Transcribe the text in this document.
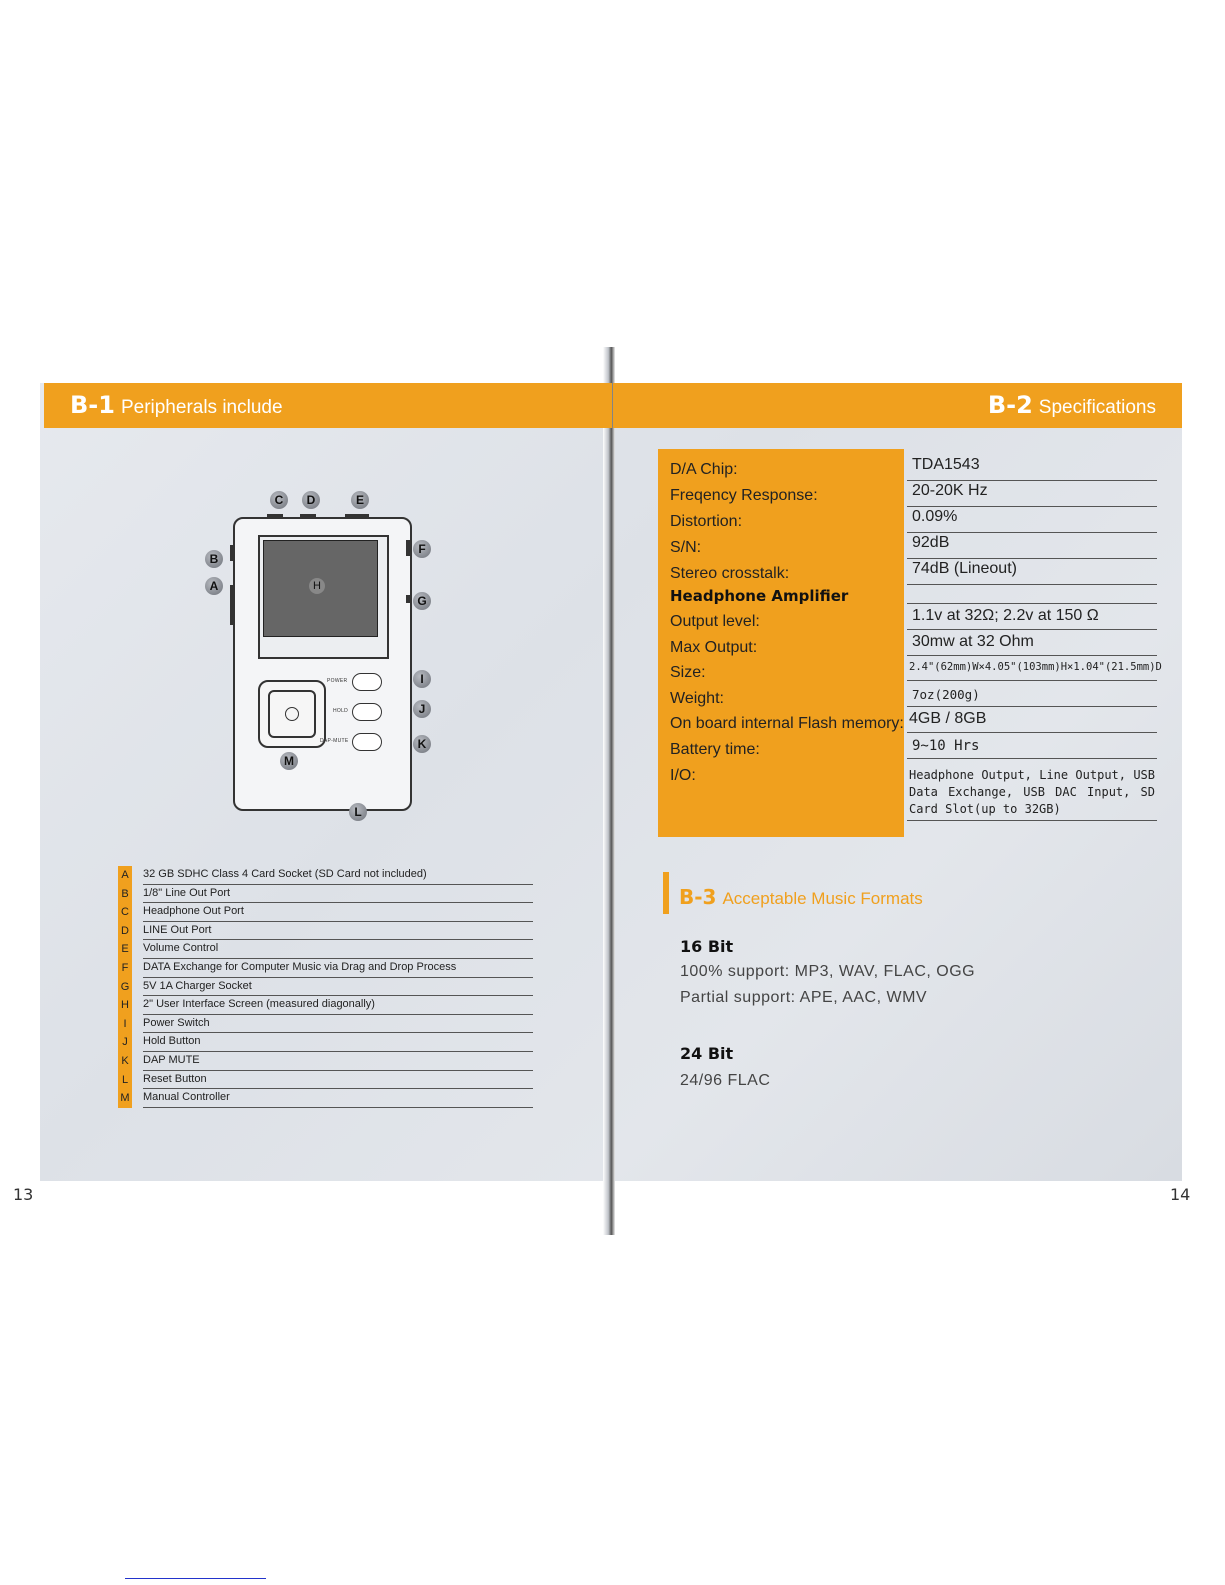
B-1 Peripherals include	B-2 Specifications
H
POWER
HOLD
DAP-MUTE
C	D	E
B
A
F
G
I
J
K
M
L
A	32 GB SDHC Class 4 Card Socket (SD Card not included)
B	1/8" Line Out Port
C Headphone Out Port
D LINE Out Port
E	Volume Control
F	DATA Exchange for Computer Music via Drag and Drop Process
G 5V 1A Charger Socket
H 2" User Interface Screen (measured diagonally)
I	Power Switch
J	Hold Button
K	DAP MUTE
L	Reset Button
M Manual Controller
D/A Chip:	TDA1543
Freqency Response:	20-20K Hz
Distortion:	0.09%
S/N:	92dB
Stereo crosstalk:	74dB (Lineout)
Headphone Amplifier
Output level:	1.1v at 32Ω; 2.2v at 150 Ω
Max Output:	30mw at 32 Ohm
Size:	2.4"(62mm)W×4.05"(103mm)H×1.04"(21.5mm)D
Weight:	7oz(200g)
On board internal Flash memory: 4GB / 8GB
Battery time:	9~10 Hrs
I/O:	Headphone Output, Line Output, USB Data Exchange, USB DAC Input, SD Card Slot(up to 32GB)
B-3 Acceptable Music Formats
16 Bit
100% support: MP3, WAV, FLAC, OGG
Partial support: APE, AAC, WMV
24 Bit
24/96 FLAC
13	14
